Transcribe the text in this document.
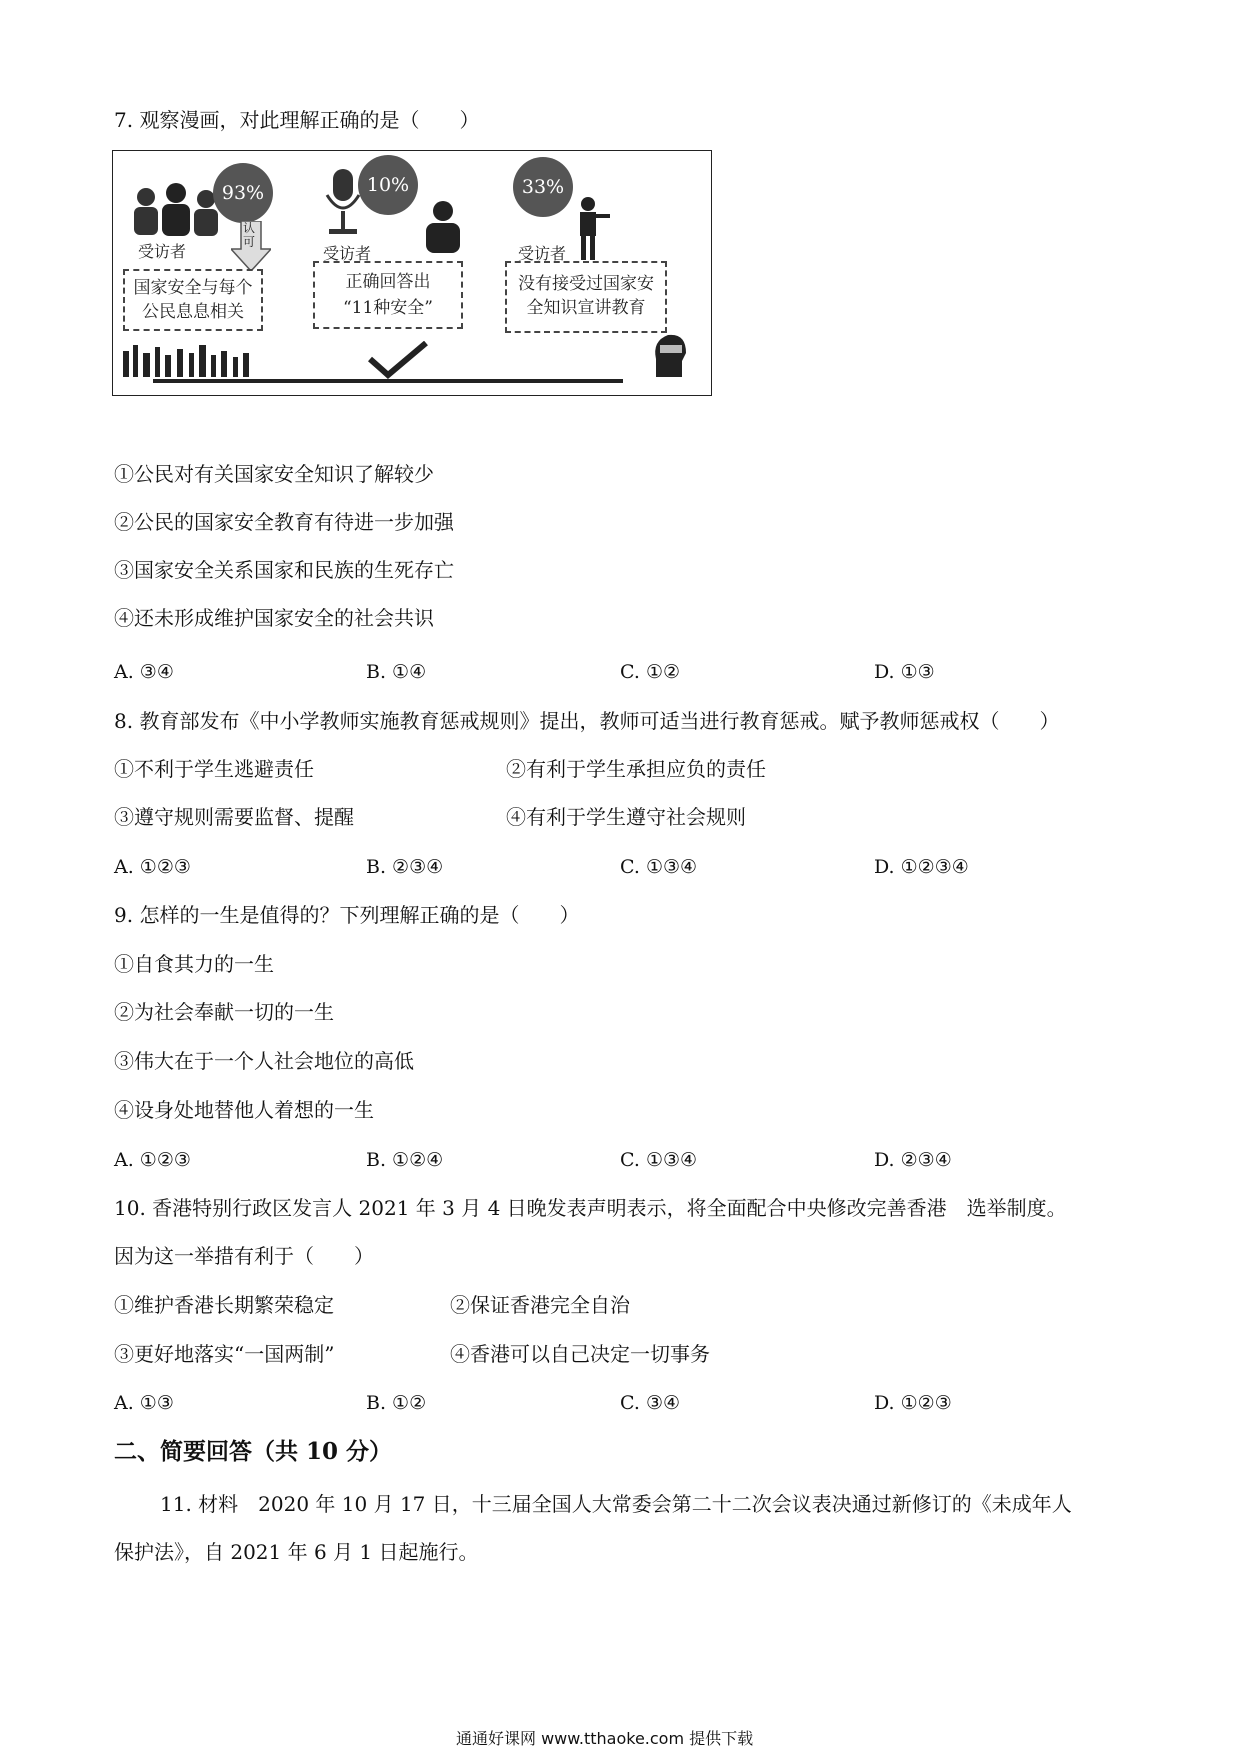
7. 观察漫画，对此理解正确的是（　　）
93%
认可
受访者
国家安全与每个
公民息息相关
10%
受访者
正确回答出
“11种安全”
33%
受访者
没有接受过国家安
全知识宣讲教育
①公民对有关国家安全知识了解较少
②公民的国家安全教育有待进一步加强
③国家安全关系国家和民族的生死存亡
④还未形成维护国家安全的社会共识
A. ③④	B. ①④	C. ①②	D. ①③
8. 教育部发布《中小学教师实施教育惩戒规则》提出，教师可适当进行教育惩戒。赋予教师惩戒权（　　）
①不利于学生逃避责任	②有利于学生承担应负的责任
③遵守规则需要监督、提醒	④有利于学生遵守社会规则
A. ①②③	B. ②③④	C. ①③④	D. ①②③④
9. 怎样的一生是值得的？下列理解正确的是（　　）
①自食其力的一生
②为社会奉献一切的一生
③伟大在于一个人社会地位的高低
④设身处地替他人着想的一生
A. ①②③	B. ①②④	C. ①③④	D. ②③④
10. 香港特别行政区发言人 2021 年 3 月 4 日晚发表声明表示，将全面配合中央修改完善香港　选举制度。
因为这一举措有利于（　　）
①维护香港长期繁荣稳定	②保证香港完全自治
③更好地落实“一国两制”	④香港可以自己决定一切事务
A. ①③	B. ①②	C. ③④	D. ①②③
二、简要回答（共 10 分）
11. 材料　2020 年 10 月 17 日，十三届全国人大常委会第二十二次会议表决通过新修订的《未成年人
保护法》，自 2021 年 6 月 1 日起施行。
通通好课网 www.tthaoke.com 提供下载
